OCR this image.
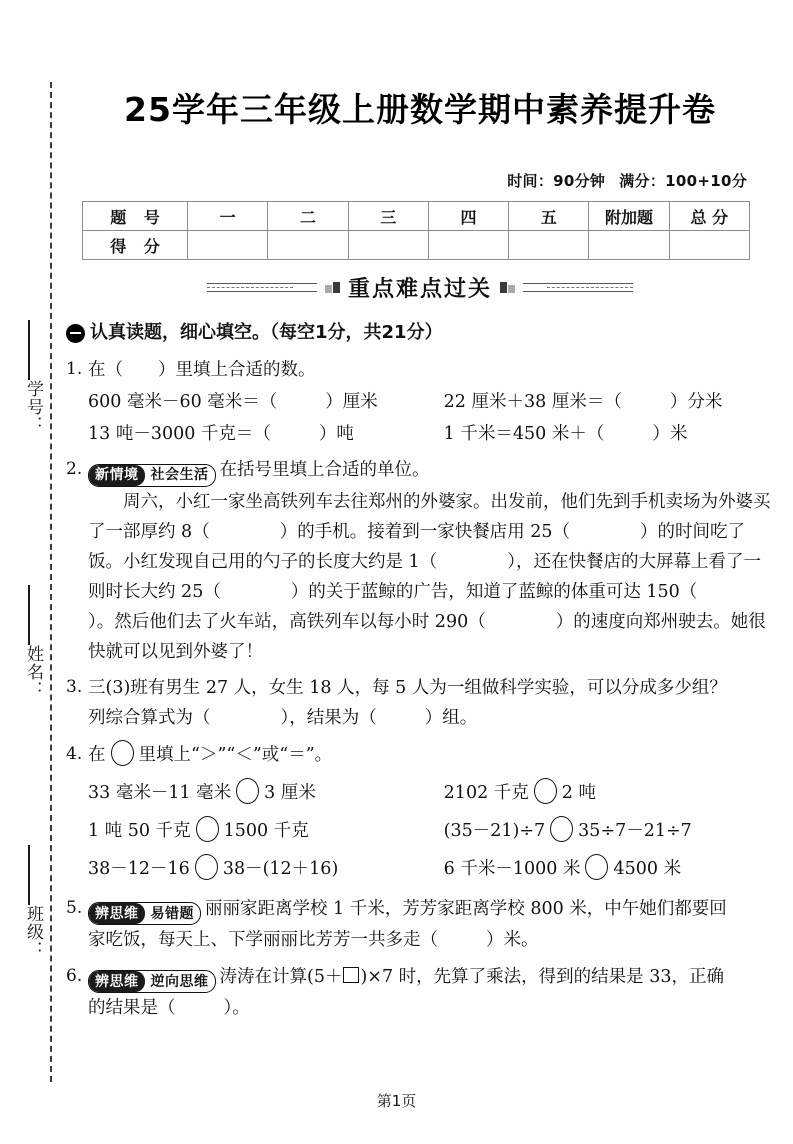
学号：
姓名：
班级：
25学年三年级上册数学期中素养提升卷
时间：90分钟 满分：100+10分
题 号	一	二	三	四	五	附加题	总 分
得 分							
重点难点过关
认真读题，细心填空。（每空1分，共21分）
1. 在（　　）里填上合适的数。
600 毫米－60 毫米＝（	）厘米	22 厘米＋38 厘米＝（	）分米
13 吨－3000 千克＝（	）吨	1 千米＝450 米＋（	）米
2. 新情境 社会生活 在括号里填上合适的单位。
周六，小红一家坐高铁列车去往郑州的外婆家。出发前，他们先到手机卖场为外婆买了一部厚约 8（	）的手机。接着到一家快餐店用 25（	）的时间吃了饭。小红发现自己用的勺子的长度大约是 1（	），还在快餐店的大屏幕上看了一则时长大约 25（	）的关于蓝鲸的广告，知道了蓝鲸的体重可达 150（）。然后他们去了火车站，高铁列车以每小时 290（	）的速度向郑州驶去。她很快就可以见到外婆了！
3. 三(3)班有男生 27 人，女生 18 人，每 5 人为一组做科学实验，可以分成多少组？
列综合算式为（	），结果为（	）组。
4. 在 里填上“＞”“＜”或“＝”。
33 毫米－11 毫米 3 厘米	2102 千克 2 吨
1 吨 50 千克 1500 千克	(35－21)÷7 35÷7－21÷7
38－12－16 38－(12＋16)	6 千米－1000 米 4500 米
5. 辨思维 易错题 丽丽家距离学校 1 千米，芳芳家距离学校 800 米，中午她们都要回
家吃饭，每天上、下学丽丽比芳芳一共多走（	）米。
6. 辨思维 逆向思维 涛涛在计算(5＋ )×7 时，先算了乘法，得到的结果是 33，正确
的结果是（	）。
第1页
